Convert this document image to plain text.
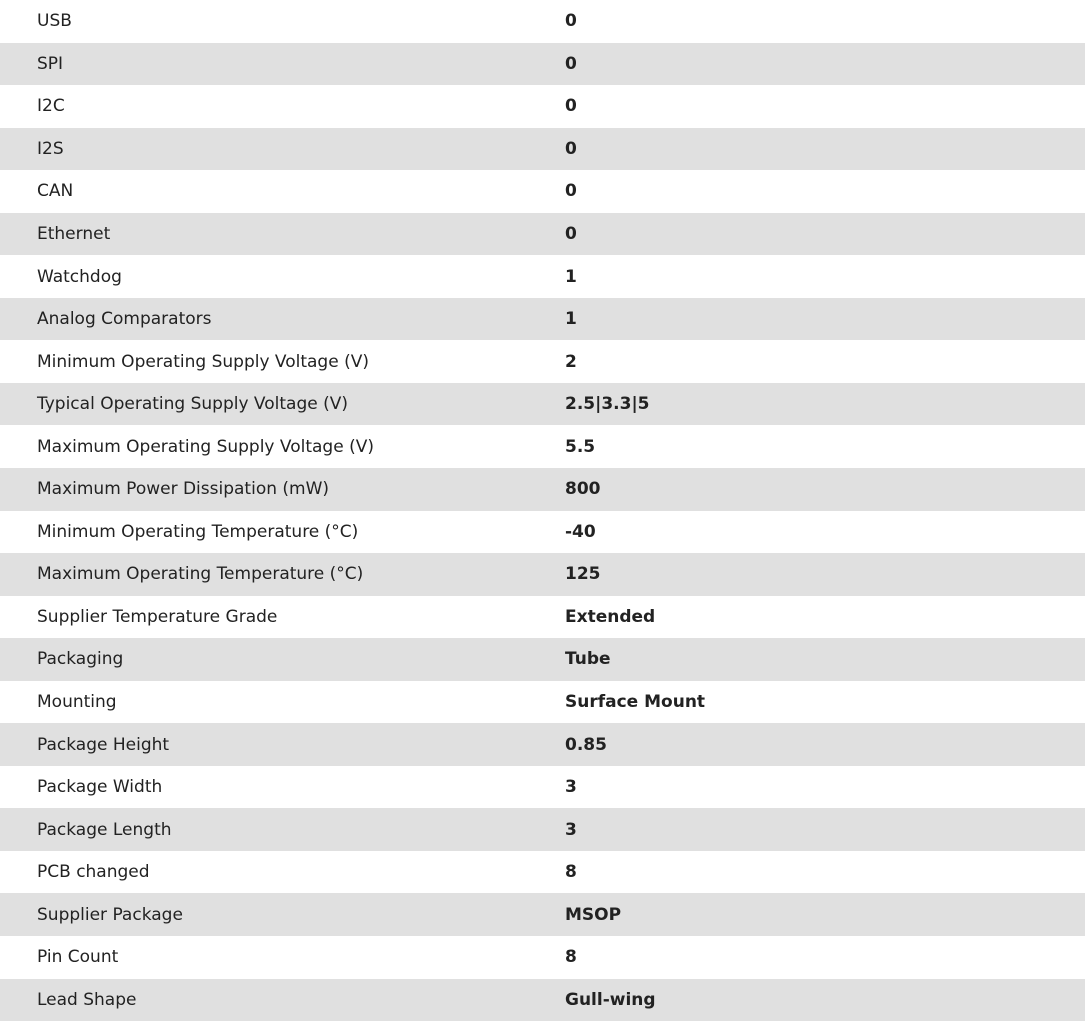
USB	0
SPI	0
I2C	0
I2S	0
CAN	0
Ethernet	0
Watchdog	1
Analog Comparators	1
Minimum Operating Supply Voltage (V)	2
Typical Operating Supply Voltage (V)	2.5|3.3|5
Maximum Operating Supply Voltage (V)	5.5
Maximum Power Dissipation (mW)	800
Minimum Operating Temperature (°C)	-40
Maximum Operating Temperature (°C)	125
Supplier Temperature Grade	Extended
Packaging	Tube
Mounting	Surface Mount
Package Height	0.85
Package Width	3
Package Length	3
PCB changed	8
Supplier Package	MSOP
Pin Count	8
Lead Shape	Gull-wing
